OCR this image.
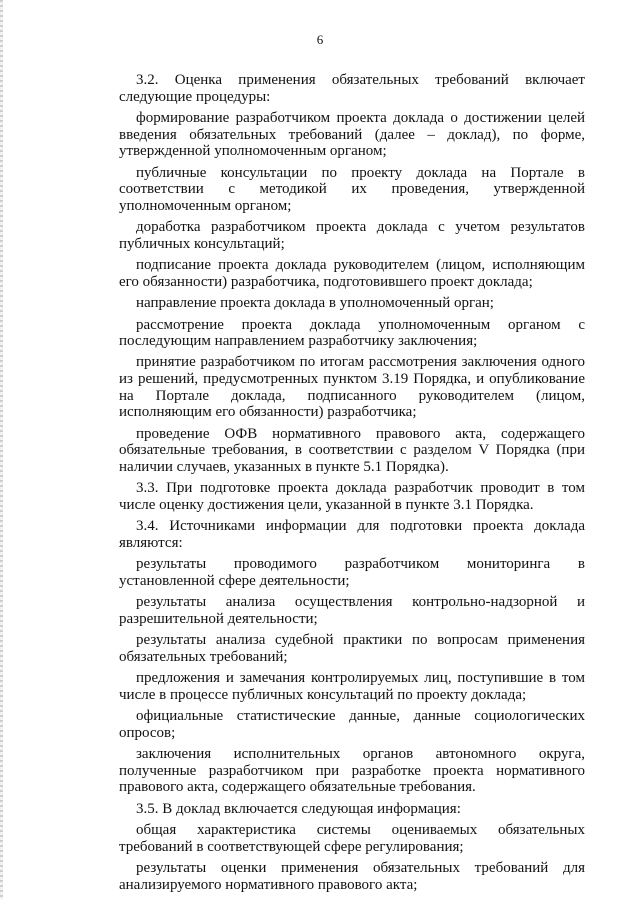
6

3.2. Оценка применения обязательных требований включает следующие процедуры:

формирование разработчиком проекта доклада о достижении целей введения обязательных требований (далее – доклад), по форме, утвержденной уполномоченным органом;

публичные консультации по проекту доклада на Портале в соответствии с методикой их проведения, утвержденной уполномоченным органом;

доработка разработчиком проекта доклада с учетом результатов публичных консультаций;

подписание проекта доклада руководителем (лицом, исполняющим его обязанности) разработчика, подготовившего проект доклада;

направление проекта доклада в уполномоченный орган;

рассмотрение проекта доклада уполномоченным органом с последующим направлением разработчику заключения;

принятие разработчиком по итогам рассмотрения заключения одного из решений, предусмотренных пунктом 3.19 Порядка, и опубликование на Портале доклада, подписанного руководителем (лицом, исполняющим его обязанности) разработчика;

проведение ОФВ нормативного правового акта, содержащего обязательные требования, в соответствии с разделом V Порядка (при наличии случаев, указанных в пункте 5.1 Порядка).

3.3. При подготовке проекта доклада разработчик проводит в том числе оценку достижения цели, указанной в пункте 3.1 Порядка.

3.4. Источниками информации для подготовки проекта доклада являются:

результаты проводимого разработчиком мониторинга в установленной сфере деятельности;

результаты анализа осуществления контрольно-надзорной и разрешительной деятельности;

результаты анализа судебной практики по вопросам применения обязательных требований;

предложения и замечания контролируемых лиц, поступившие в том числе в процессе публичных консультаций по проекту доклада;

официальные статистические данные, данные социологических опросов;

заключения исполнительных органов автономного округа, полученные разработчиком при разработке проекта нормативного правового акта, содержащего обязательные требования.

3.5. В доклад включается следующая информация:

общая характеристика системы оцениваемых обязательных требований в соответствующей сфере регулирования;

результаты оценки применения обязательных требований для анализируемого нормативного правового акта;
